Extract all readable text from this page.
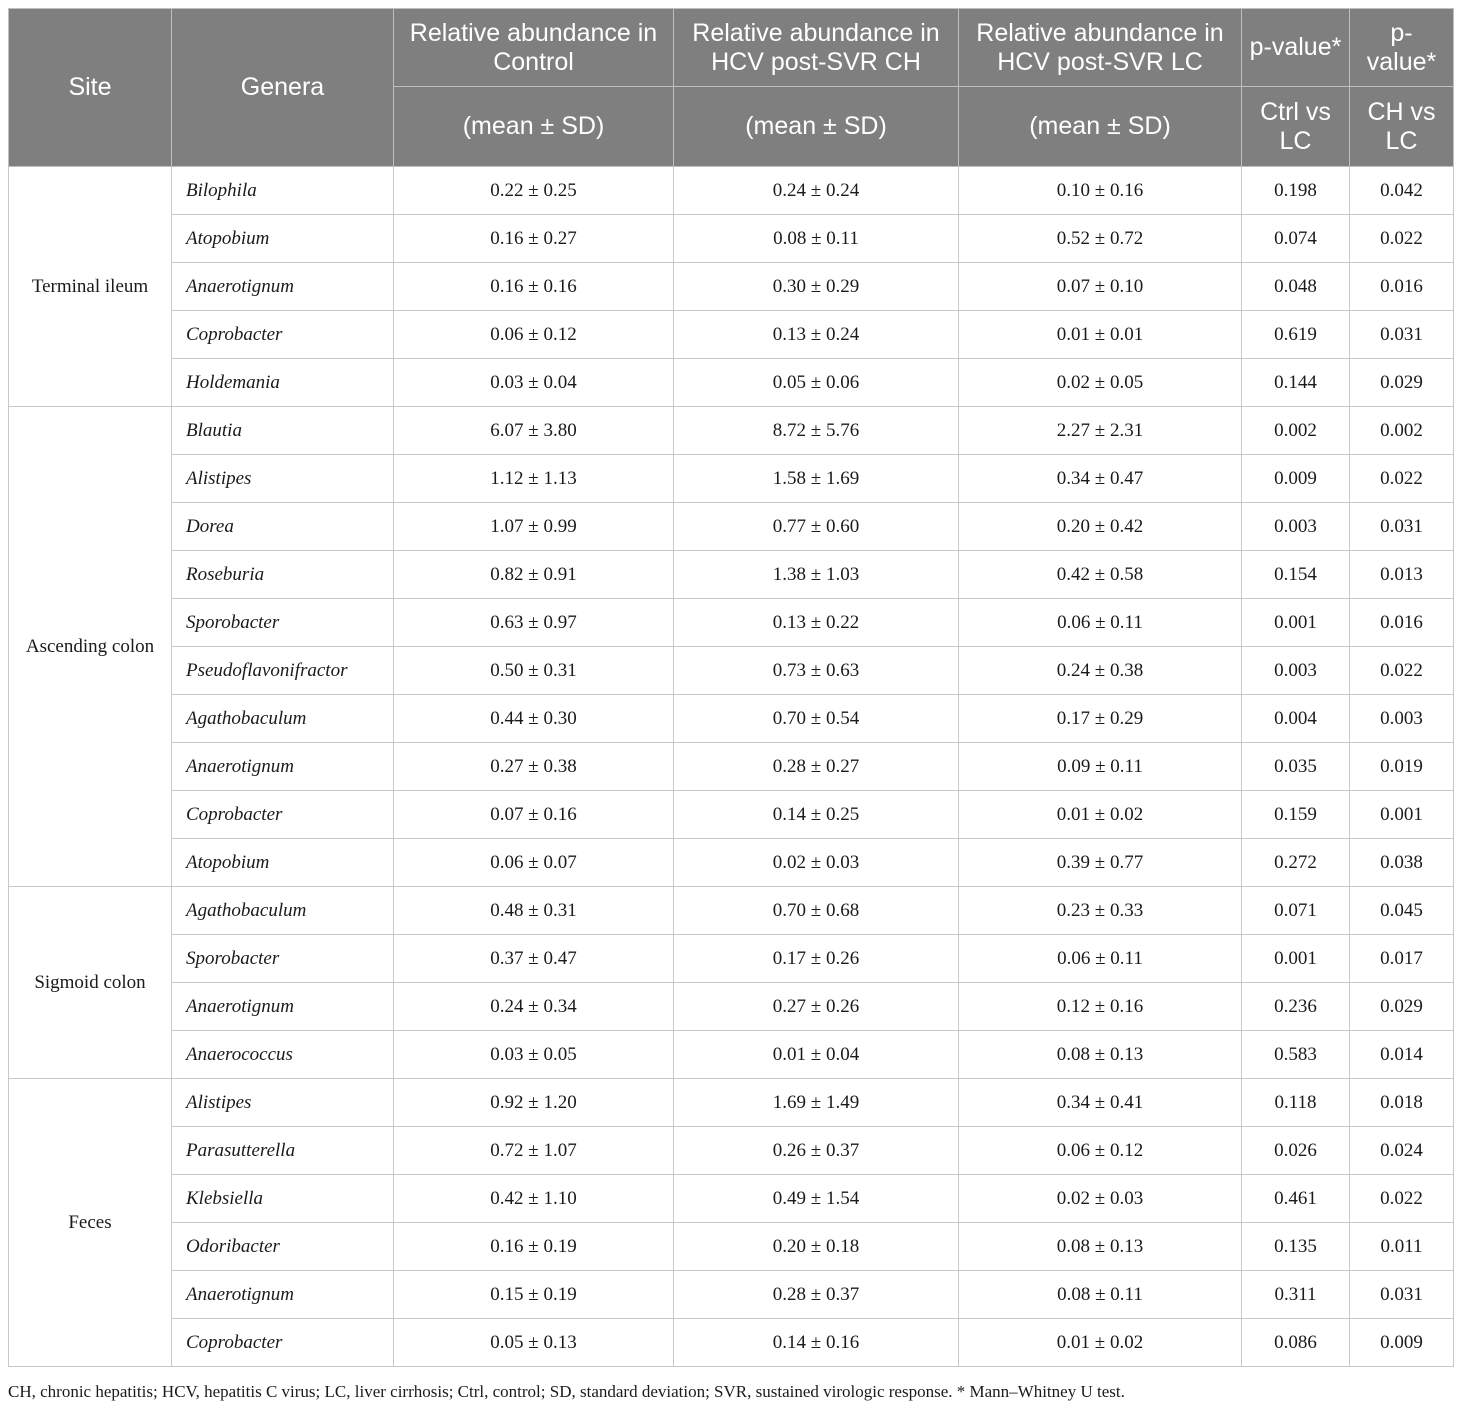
Site	Genera	Relative abundance in Control	Relative abundance in HCV post-SVR CH	Relative abundance in HCV post-SVR LC	p-value*	p-value*
		(mean ± SD)	(mean ± SD)	(mean ± SD)	Ctrl vs LC	CH vs LC
Terminal ileum	Bilophila	0.22 ± 0.25	0.24 ± 0.24	0.10 ± 0.16	0.198	0.042
	Atopobium	0.16 ± 0.27	0.08 ± 0.11	0.52 ± 0.72	0.074	0.022
	Anaerotignum	0.16 ± 0.16	0.30 ± 0.29	0.07 ± 0.10	0.048	0.016
	Coprobacter	0.06 ± 0.12	0.13 ± 0.24	0.01 ± 0.01	0.619	0.031
	Holdemania	0.03 ± 0.04	0.05 ± 0.06	0.02 ± 0.05	0.144	0.029
Ascending colon	Blautia	6.07 ± 3.80	8.72 ± 5.76	2.27 ± 2.31	0.002	0.002
	Alistipes	1.12 ± 1.13	1.58 ± 1.69	0.34 ± 0.47	0.009	0.022
	Dorea	1.07 ± 0.99	0.77 ± 0.60	0.20 ± 0.42	0.003	0.031
	Roseburia	0.82 ± 0.91	1.38 ± 1.03	0.42 ± 0.58	0.154	0.013
	Sporobacter	0.63 ± 0.97	0.13 ± 0.22	0.06 ± 0.11	0.001	0.016
	Pseudoflavonifractor	0.50 ± 0.31	0.73 ± 0.63	0.24 ± 0.38	0.003	0.022
	Agathobaculum	0.44 ± 0.30	0.70 ± 0.54	0.17 ± 0.29	0.004	0.003
	Anaerotignum	0.27 ± 0.38	0.28 ± 0.27	0.09 ± 0.11	0.035	0.019
	Coprobacter	0.07 ± 0.16	0.14 ± 0.25	0.01 ± 0.02	0.159	0.001
	Atopobium	0.06 ± 0.07	0.02 ± 0.03	0.39 ± 0.77	0.272	0.038
Sigmoid colon	Agathobaculum	0.48 ± 0.31	0.70 ± 0.68	0.23 ± 0.33	0.071	0.045
	Sporobacter	0.37 ± 0.47	0.17 ± 0.26	0.06 ± 0.11	0.001	0.017
	Anaerotignum	0.24 ± 0.34	0.27 ± 0.26	0.12 ± 0.16	0.236	0.029
	Anaerococcus	0.03 ± 0.05	0.01 ± 0.04	0.08 ± 0.13	0.583	0.014
Feces	Alistipes	0.92 ± 1.20	1.69 ± 1.49	0.34 ± 0.41	0.118	0.018
	Parasutterella	0.72 ± 1.07	0.26 ± 0.37	0.06 ± 0.12	0.026	0.024
	Klebsiella	0.42 ± 1.10	0.49 ± 1.54	0.02 ± 0.03	0.461	0.022
	Odoribacter	0.16 ± 0.19	0.20 ± 0.18	0.08 ± 0.13	0.135	0.011
	Anaerotignum	0.15 ± 0.19	0.28 ± 0.37	0.08 ± 0.11	0.311	0.031
	Coprobacter	0.05 ± 0.13	0.14 ± 0.16	0.01 ± 0.02	0.086	0.009
CH, chronic hepatitis; HCV, hepatitis C virus; LC, liver cirrhosis; Ctrl, control; SD, standard deviation; SVR, sustained virologic response. * Mann–Whitney U test.
